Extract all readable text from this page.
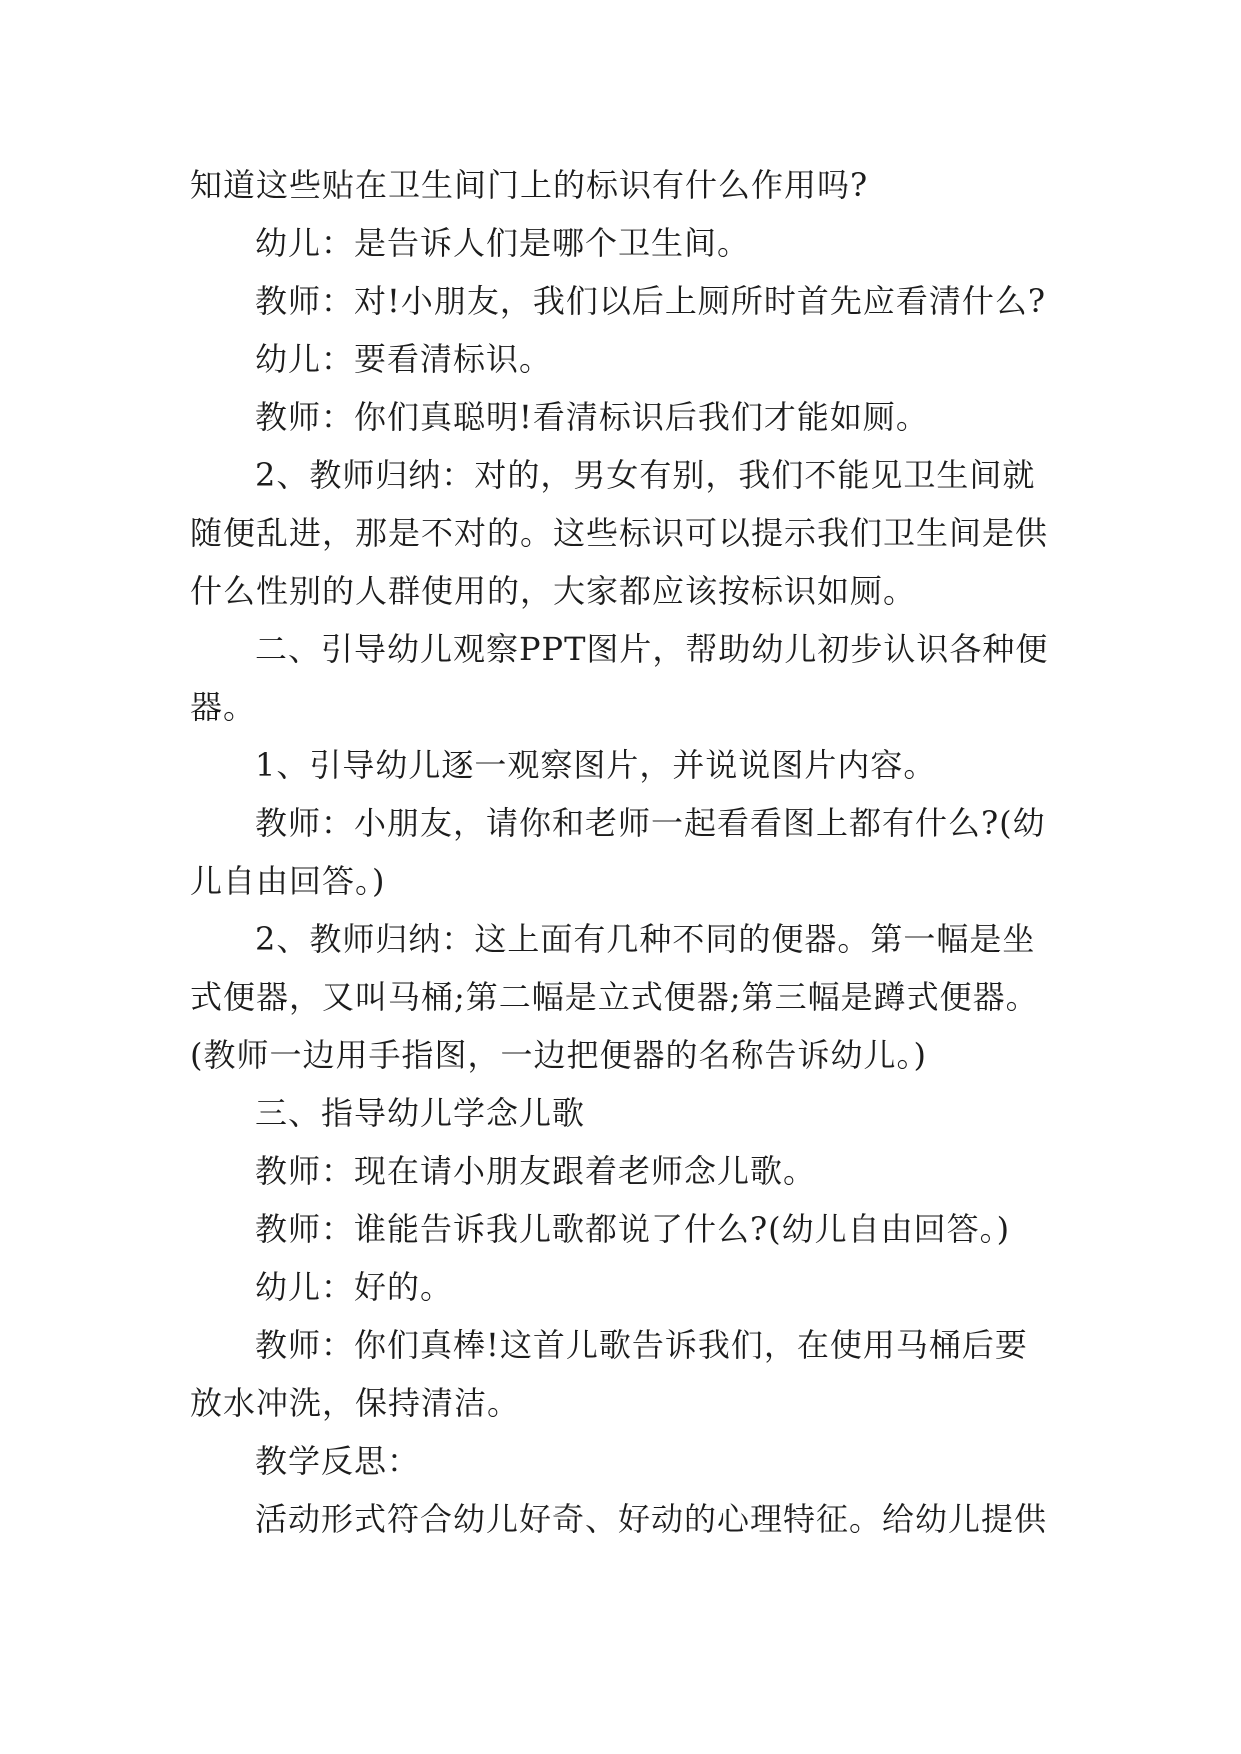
知道这些贴在卫生间门上的标识有什么作用吗?
幼儿：是告诉人们是哪个卫生间。
教师：对!小朋友，我们以后上厕所时首先应看清什么?
幼儿：要看清标识。
教师：你们真聪明!看清标识后我们才能如厕。
2、教师归纳：对的，男女有别，我们不能见卫生间就
随便乱进，那是不对的。这些标识可以提示我们卫生间是供
什么性别的人群使用的，大家都应该按标识如厕。
二、引导幼儿观察PPT图片，帮助幼儿初步认识各种便
器。
1、引导幼儿逐一观察图片，并说说图片内容。
教师：小朋友，请你和老师一起看看图上都有什么?(幼
儿自由回答。)
2、教师归纳：这上面有几种不同的便器。第一幅是坐
式便器，又叫马桶;第二幅是立式便器;第三幅是蹲式便器。
(教师一边用手指图，一边把便器的名称告诉幼儿。)
三、指导幼儿学念儿歌
教师：现在请小朋友跟着老师念儿歌。
教师：谁能告诉我儿歌都说了什么?(幼儿自由回答。)
幼儿：好的。
教师：你们真棒!这首儿歌告诉我们，在使用马桶后要
放水冲洗，保持清洁。
教学反思：
活动形式符合幼儿好奇、好动的心理特征。给幼儿提供
